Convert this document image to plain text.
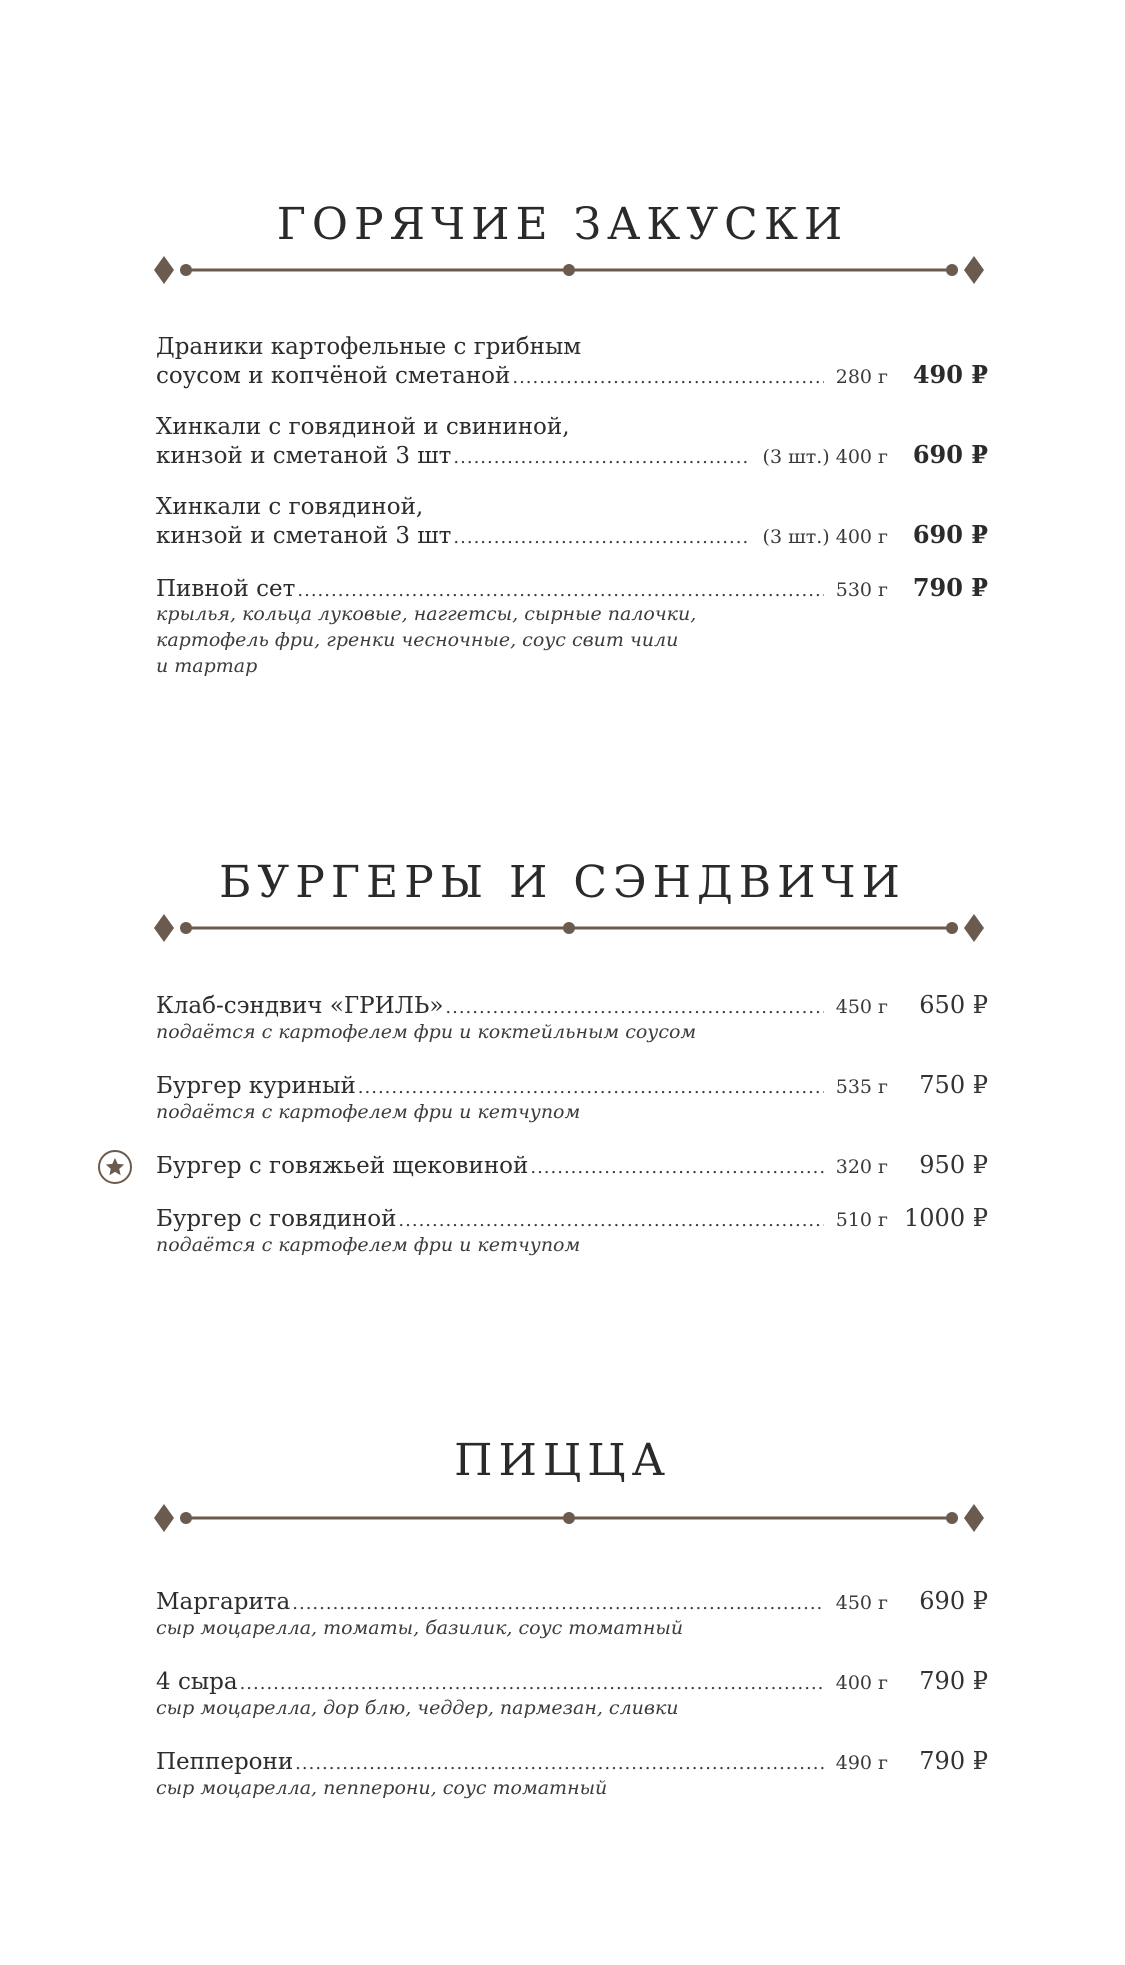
ГОРЯЧИЕ ЗАКУСКИ
Драники картофельные с грибным
соусом и копчёной сметаной .....	280 г	490 ₽
Хинкали с говядиной и свининой,
кинзой и сметаной 3 шт .....	(3 шт.) 400 г	690 ₽
Хинкали с говядиной,
кинзой и сметаной 3 шт .....	(3 шт.) 400 г	690 ₽
Пивной сет .....	530 г	790 ₽
крылья, кольца луковые, наггетсы, сырные палочки,
картофель фри, гренки чесночные, соус свит чили
и тартар
БУРГЕРЫ И СЭНДВИЧИ
Клаб-сэндвич «ГРИЛЬ» .....	450 г	650 ₽
подаётся с картофелем фри и коктейльным соусом
Бургер куриный .....	535 г	750 ₽
подаётся с картофелем фри и кетчупом
Бургер с говяжьей щековиной .....	320 г	950 ₽
Бургер с говядиной .....	510 г 1000 ₽
подаётся с картофелем фри и кетчупом
ПИЦЦА
Маргарита .....	450 г	690 ₽
сыр моцарелла, томаты, базилик, соус томатный
4 сыра .....	400 г	790 ₽
сыр моцарелла, дор блю, чеддер, пармезан, сливки
Пепперони .....	490 г	790 ₽
сыр моцарелла, пепперони, соус томатный
